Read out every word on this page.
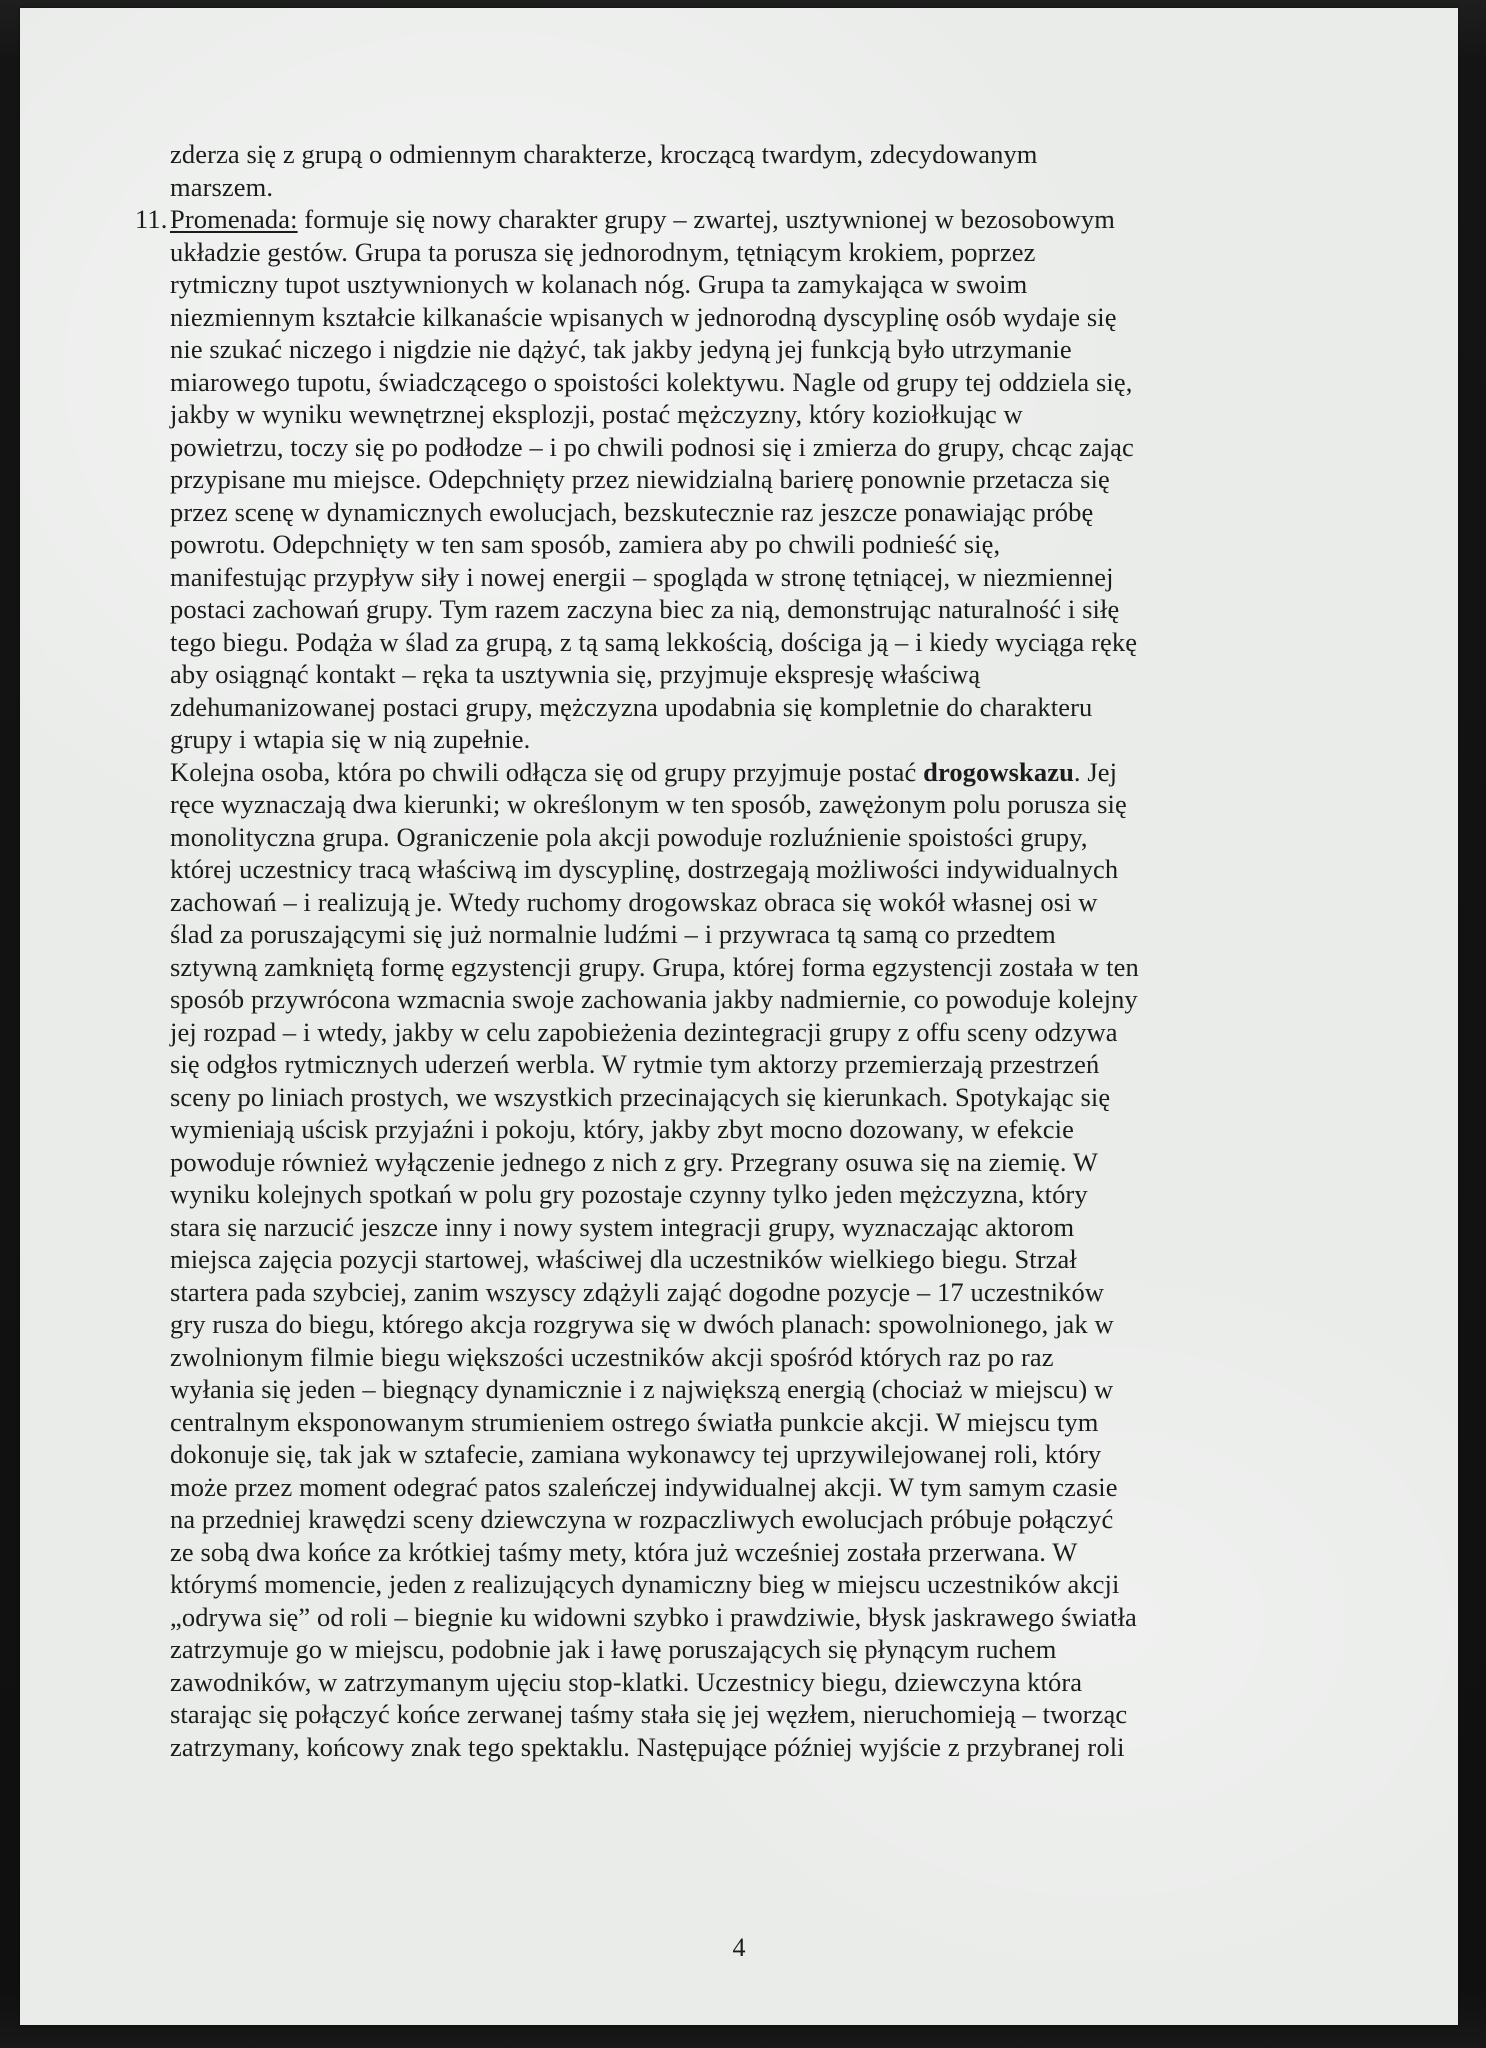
zderza się z grupą o odmiennym charakterze, kroczącą twardym, zdecydowanym
marszem.
11. Promenada: formuje się nowy charakter grupy – zwartej, usztywnionej w bezosobowym
układzie gestów. Grupa ta porusza się jednorodnym, tętniącym krokiem, poprzez
rytmiczny tupot usztywnionych w kolanach nóg. Grupa ta zamykająca w swoim
niezmiennym kształcie kilkanaście wpisanych w jednorodną dyscyplinę osób wydaje się
nie szukać niczego i nigdzie nie dążyć, tak jakby jedyną jej funkcją było utrzymanie
miarowego tupotu, świadczącego o spoistości kolektywu. Nagle od grupy tej oddziela się,
jakby w wyniku wewnętrznej eksplozji, postać mężczyzny, który koziołkując w
powietrzu, toczy się po podłodze – i po chwili podnosi się i zmierza do grupy, chcąc zając
przypisane mu miejsce. Odepchnięty przez niewidzialną barierę ponownie przetacza się
przez scenę w dynamicznych ewolucjach, bezskutecznie raz jeszcze ponawiając próbę
powrotu. Odepchnięty w ten sam sposób, zamiera aby po chwili podnieść się,
manifestując przypływ siły i nowej energii – spogląda w stronę tętniącej, w niezmiennej
postaci zachowań grupy. Tym razem zaczyna biec za nią, demonstrując naturalność i siłę
tego biegu. Podąża w ślad za grupą, z tą samą lekkością, dościga ją – i kiedy wyciąga rękę
aby osiągnąć kontakt – ręka ta usztywnia się, przyjmuje ekspresję właściwą
zdehumanizowanej postaci grupy, mężczyzna upodabnia się kompletnie do charakteru
grupy i wtapia się w nią zupełnie.
Kolejna osoba, która po chwili odłącza się od grupy przyjmuje postać drogowskazu. Jej
ręce wyznaczają dwa kierunki; w określonym w ten sposób, zawężonym polu porusza się
monolityczna grupa. Ograniczenie pola akcji powoduje rozluźnienie spoistości grupy,
której uczestnicy tracą właściwą im dyscyplinę, dostrzegają możliwości indywidualnych
zachowań – i realizują je. Wtedy ruchomy drogowskaz obraca się wokół własnej osi w
ślad za poruszającymi się już normalnie ludźmi – i przywraca tą samą co przedtem
sztywną zamkniętą formę egzystencji grupy. Grupa, której forma egzystencji została w ten
sposób przywrócona wzmacnia swoje zachowania jakby nadmiernie, co powoduje kolejny
jej rozpad – i wtedy, jakby w celu zapobieżenia dezintegracji grupy z offu sceny odzywa
się odgłos rytmicznych uderzeń werbla. W rytmie tym aktorzy przemierzają przestrzeń
sceny po liniach prostych, we wszystkich przecinających się kierunkach. Spotykając się
wymieniają uścisk przyjaźni i pokoju, który, jakby zbyt mocno dozowany, w efekcie
powoduje również wyłączenie jednego z nich z gry. Przegrany osuwa się na ziemię. W
wyniku kolejnych spotkań w polu gry pozostaje czynny tylko jeden mężczyzna, który
stara się narzucić jeszcze inny i nowy system integracji grupy, wyznaczając aktorom
miejsca zajęcia pozycji startowej, właściwej dla uczestników wielkiego biegu. Strzał
startera pada szybciej, zanim wszyscy zdążyli zająć dogodne pozycje – 17 uczestników
gry rusza do biegu, którego akcja rozgrywa się w dwóch planach: spowolnionego, jak w
zwolnionym filmie biegu większości uczestników akcji spośród których raz po raz
wyłania się jeden – biegnący dynamicznie i z największą energią (chociaż w miejscu) w
centralnym eksponowanym strumieniem ostrego światła punkcie akcji. W miejscu tym
dokonuje się, tak jak w sztafecie, zamiana wykonawcy tej uprzywilejowanej roli, który
może przez moment odegrać patos szaleńczej indywidualnej akcji. W tym samym czasie
na przedniej krawędzi sceny dziewczyna w rozpaczliwych ewolucjach próbuje połączyć
ze sobą dwa końce za krótkiej taśmy mety, która już wcześniej została przerwana. W
którymś momencie, jeden z realizujących dynamiczny bieg w miejscu uczestników akcji
„odrywa się” od roli – biegnie ku widowni szybko i prawdziwie, błysk jaskrawego światła
zatrzymuje go w miejscu, podobnie jak i ławę poruszających się płynącym ruchem
zawodników, w zatrzymanym ujęciu stop-klatki. Uczestnicy biegu, dziewczyna która
starając się połączyć końce zerwanej taśmy stała się jej węzłem, nieruchomieją – tworząc
zatrzymany, końcowy znak tego spektaklu. Następujące później wyjście z przybranej roli
4
